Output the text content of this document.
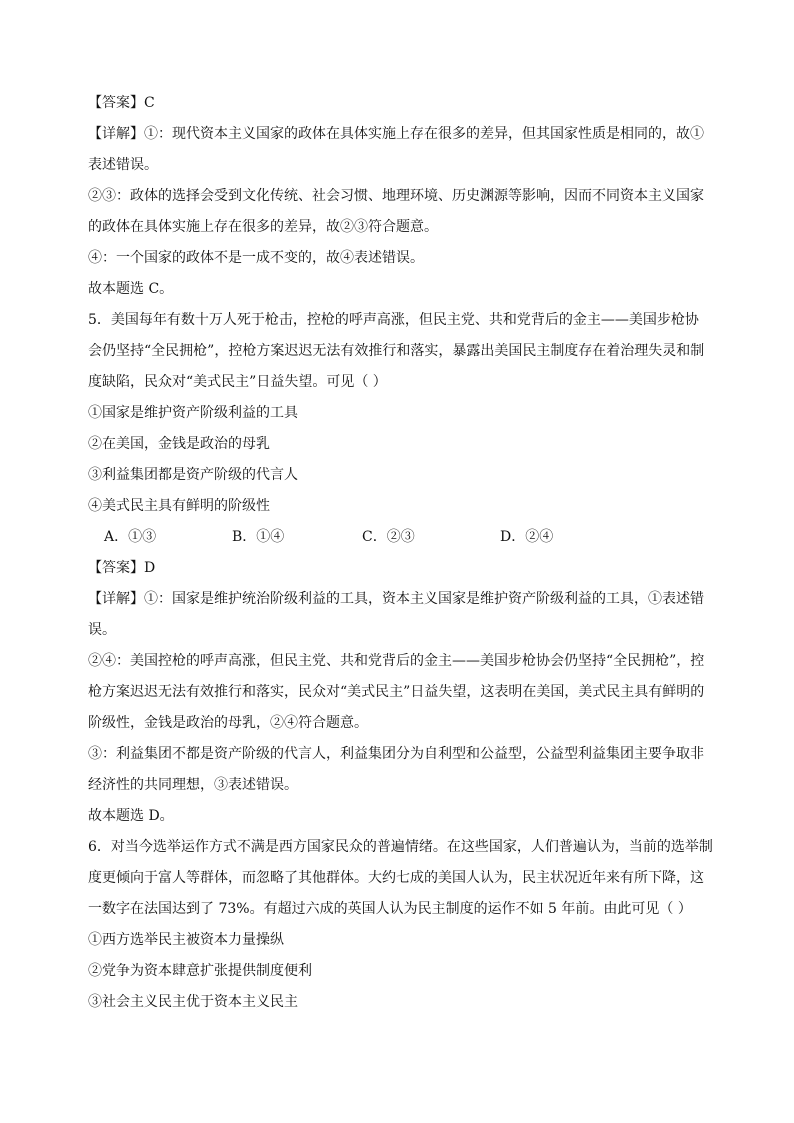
【答案】C
【详解】①：现代资本主义国家的政体在具体实施上存在很多的差异，但其国家性质是相同的，故①
表述错误。
②③：政体的选择会受到文化传统、社会习惯、地理环境、历史渊源等影响，因而不同资本主义国家
的政体在具体实施上存在很多的差异，故②③符合题意。
④：一个国家的政体不是一成不变的，故④表述错误。
故本题选 C。
5．美国每年有数十万人死于枪击，控枪的呼声高涨，但民主党、共和党背后的金主——美国步枪协
会仍坚持“全民拥枪”，控枪方案迟迟无法有效推行和落实，暴露出美国民主制度存在着治理失灵和制
度缺陷，民众对“美式民主”日益失望。可见（ ）
①国家是维护资产阶级利益的工具
②在美国，金钱是政治的母乳
③利益集团都是资产阶级的代言人
④美式民主具有鲜明的阶级性
A．①③	B．①④	C．②③	D．②④
【答案】D
【详解】①：国家是维护统治阶级利益的工具，资本主义国家是维护资产阶级利益的工具，①表述错
误。
②④：美国控枪的呼声高涨，但民主党、共和党背后的金主——美国步枪协会仍坚持“全民拥枪”，控
枪方案迟迟无法有效推行和落实，民众对“美式民主”日益失望，这表明在美国，美式民主具有鲜明的
阶级性，金钱是政治的母乳，②④符合题意。
③：利益集团不都是资产阶级的代言人，利益集团分为自利型和公益型，公益型利益集团主要争取非
经济性的共同理想，③表述错误。
故本题选 D。
6．对当今选举运作方式不满是西方国家民众的普遍情绪。在这些国家，人们普遍认为，当前的选举制
度更倾向于富人等群体，而忽略了其他群体。大约七成的美国人认为，民主状况近年来有所下降，这
一数字在法国达到了 73%。有超过六成的英国人认为民主制度的运作不如 5 年前。由此可见（ ）
①西方选举民主被资本力量操纵
②党争为资本肆意扩张提供制度便利
③社会主义民主优于资本主义民主
